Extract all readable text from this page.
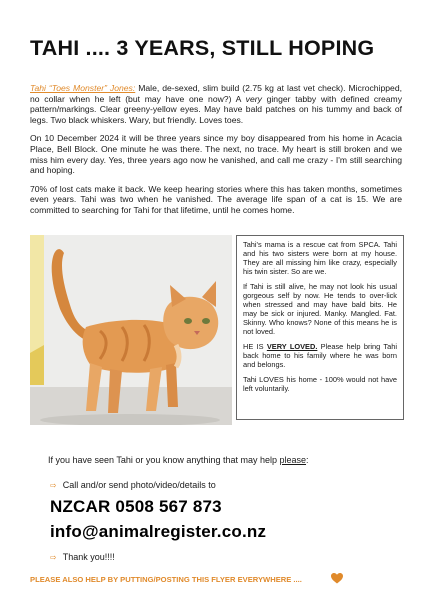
TAHI .... 3 YEARS, STILL HOPING

Tahi “Toes Monster” Jones: Male, de-sexed, slim build (2.75 kg at last vet check). Microchipped, no collar when he left (but may have one now?) A very ginger tabby with defined creamy pattern/markings. Clear greeny-yellow eyes. May have bald patches on his tummy and back of legs. Two black whiskers. Wary, but friendly. Loves toes.

On 10 December 2024 it will be three years since my boy disappeared from his home in Acacia Place, Bell Block. One minute he was there. The next, no trace. My heart is still broken and we miss him every day. Yes, three years ago now he vanished, and call me crazy - I'm still searching and hoping.

70% of lost cats make it back. We keep hearing stories where this has taken months, sometimes even years. Tahi was two when he vanished. The average life span of a cat is 15. We are committed to searching for Tahi for that lifetime, until he comes home.

Tahi's mama is a rescue cat from SPCA. Tahi and his two sisters were born at my house. They are all missing him like crazy, especially his twin sister. So are we.

If Tahi is still alive, he may not look his usual gorgeous self by now. He tends to over-lick when stressed and may have bald bits. He may be sick or injured. Manky. Mangled. Fat. Skinny. Who knows? None of this means he is not loved.

HE IS VERY LOVED. Please help bring Tahi back home to his family where he was born and belongs.

Tahi LOVES his home - 100% would not have left voluntarily.

If you have seen Tahi or you know anything that may help please:
⇨ Call and/or send photo/video/details to
NZCAR 0508 567 873
info@animalregister.co.nz
⇨ Thank you!!!!
PLEASE ALSO HELP BY PUTTING/POSTING THIS FLYER EVERYWHERE ....
